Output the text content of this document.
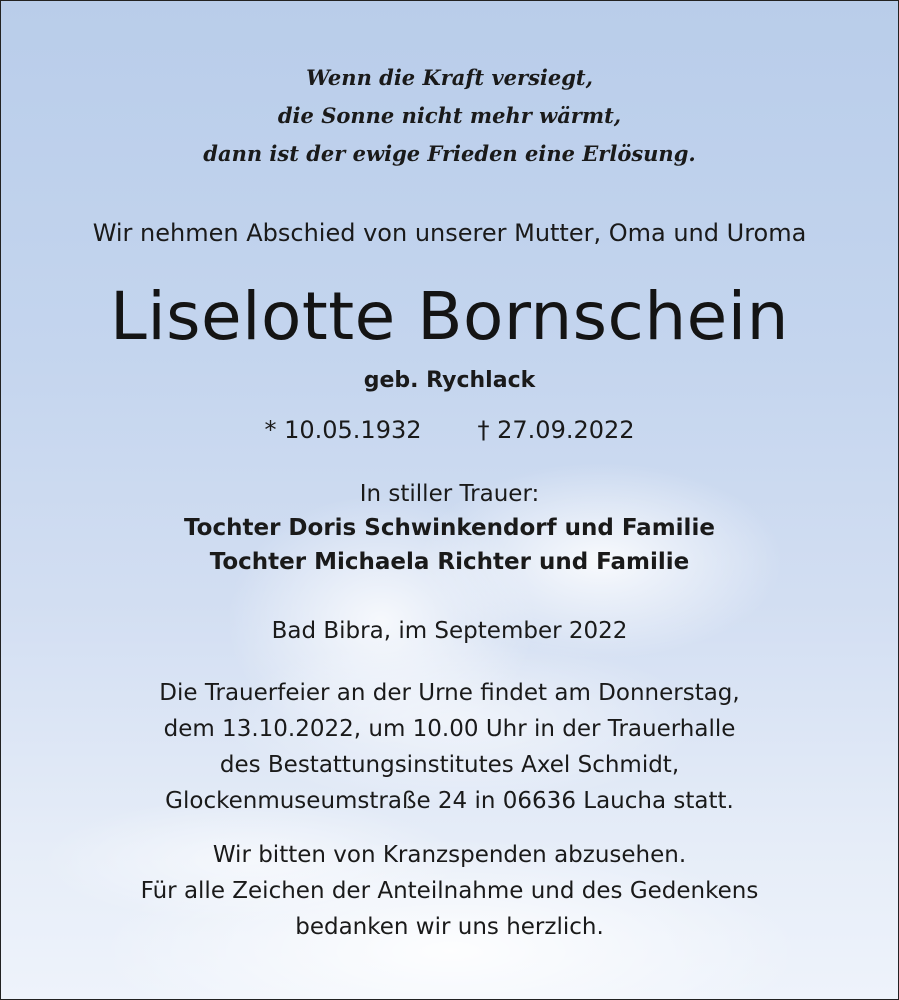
Wenn die Kraft versiegt,
die Sonne nicht mehr wärmt,
dann ist der ewige Frieden eine Erlösung.
Wir nehmen Abschied von unserer Mutter, Oma und Uroma
Liselotte Bornschein
geb. Rychlack
* 10.05.1932 † 27.09.2022
In stiller Trauer:
Tochter Doris Schwinkendorf und Familie
Tochter Michaela Richter und Familie
Bad Bibra, im September 2022
Die Trauerfeier an der Urne findet am Donnerstag,
dem 13.10.2022, um 10.00 Uhr in der Trauerhalle
des Bestattungsinstitutes Axel Schmidt,
Glockenmuseumstraße 24 in 06636 Laucha statt.
Wir bitten von Kranzspenden abzusehen.
Für alle Zeichen der Anteilnahme und des Gedenkens
bedanken wir uns herzlich.
